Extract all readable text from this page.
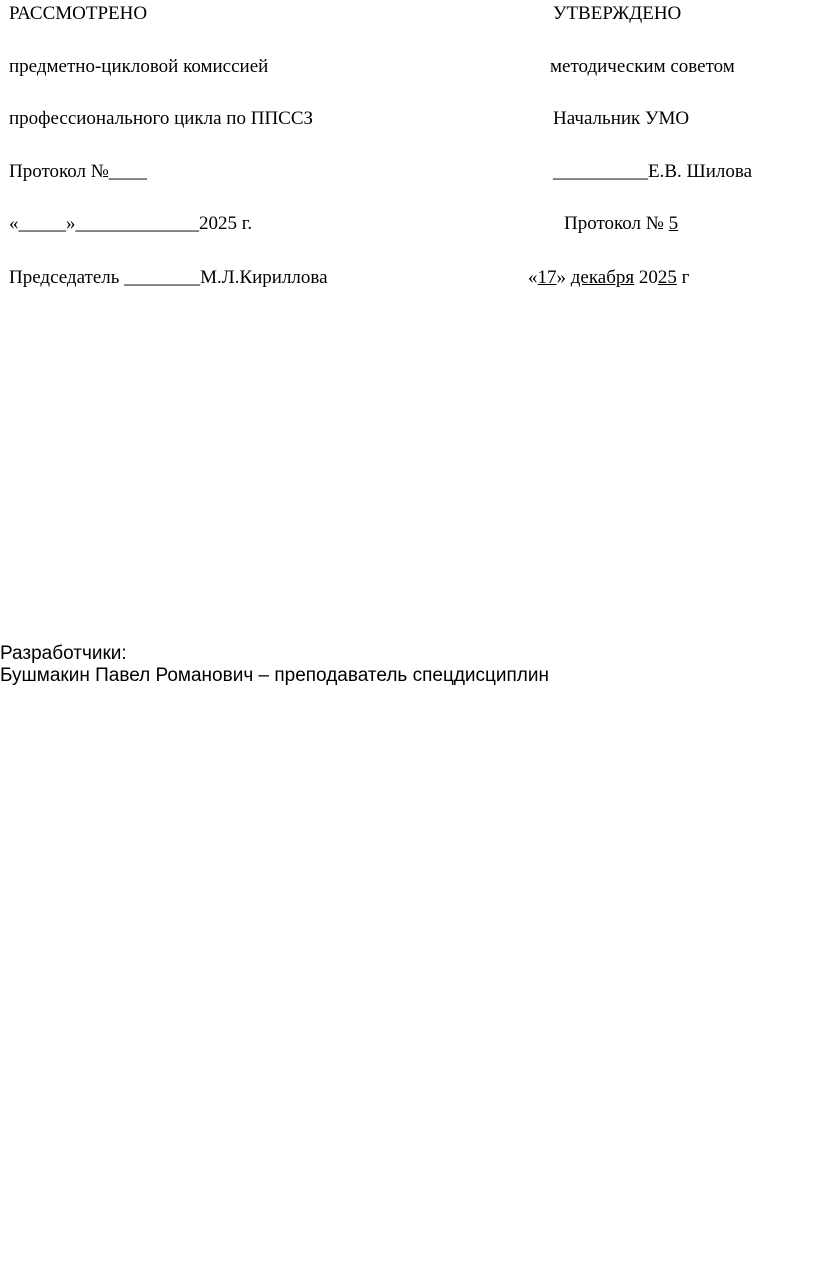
РАССМОТРЕНО
предметно-цикловой комиссией
профессионального цикла по ППССЗ
Протокол №____
«_____»_____________2025 г.
Председатель ________М.Л.Кириллова
УТВЕРЖДЕНО
методическим советом
Начальник УМО
__________Е.В. Шилова
Протокол № 5
«17» декабря 2025 г
Разработчики:
Бушмакин Павел Романович – преподаватель спецдисциплин
